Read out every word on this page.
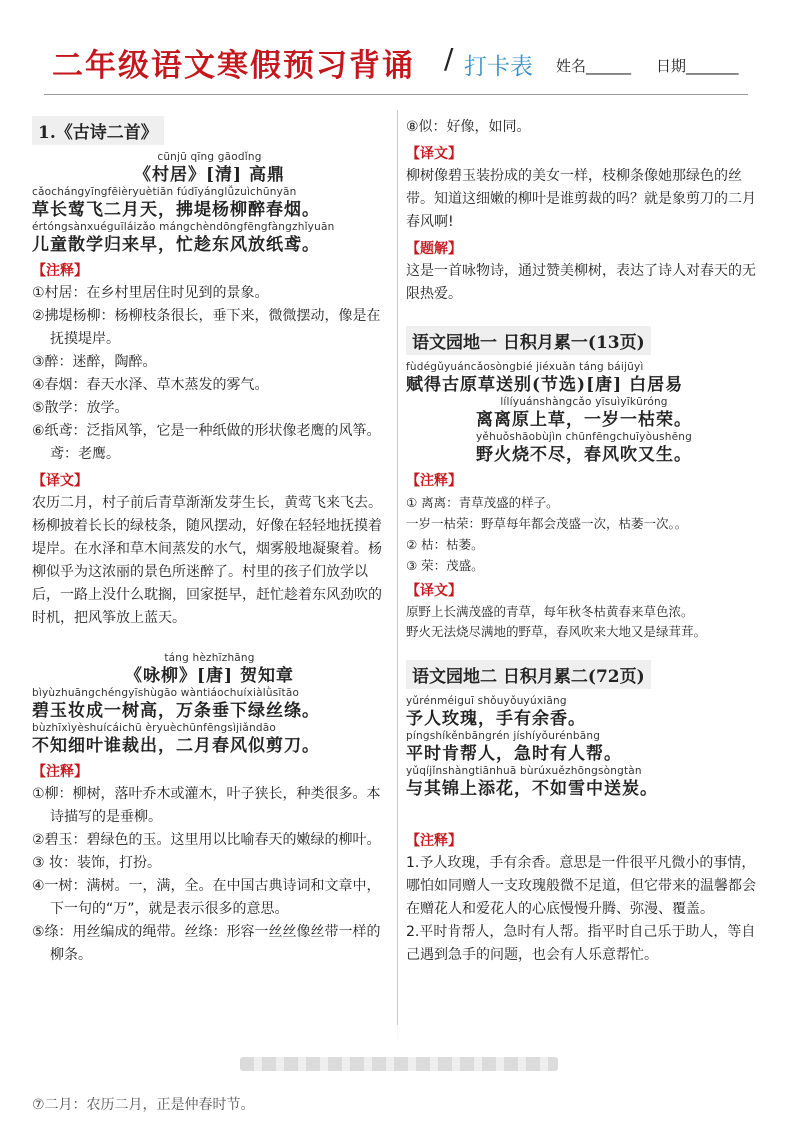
二年级语文寒假预习背诵 / 打卡表 姓名______ 日期_______
1.《古诗二首》
cūnjū qīng gāodǐng
《村居》[清] 高鼎
cǎochángyīngfēièryuètiān fúdīyánglǚzuìchūnyān
草长莺飞二月天，拂堤杨柳醉春烟。
értóngsànxuéguīláizǎo mángchèndōngfēngfàngzhǐyuān
儿童散学归来早，忙趁东风放纸鸢。
【注释】
①村居：在乡村里居住时见到的景象。
②拂堤杨柳：杨柳枝条很长，垂下来，微微摆动，像是在抚摸堤岸。
③醉：迷醉，陶醉。
④春烟：春天水泽、草木蒸发的雾气。
⑤散学：放学。
⑥纸鸢：泛指风筝，它是一种纸做的形状像老鹰的风筝。鸢：老鹰。
【译文】
农历二月，村子前后青草渐渐发芽生长，黄莺飞来飞去。杨柳披着长长的绿枝条，随风摆动，好像在轻轻地抚摸着堤岸。在水泽和草木间蒸发的水气，烟雾般地凝聚着。杨柳似乎为这浓丽的景色所迷醉了。村里的孩子们放学以后，一路上没什么耽搁，回家挺早，赶忙趁着东风劲吹的时机，把风筝放上蓝天。
táng hèzhīzhāng
《咏柳》[唐] 贺知章
bìyùzhuāngchéngyīshùgāo wàntiáochuíxiàlǜsītāo
碧玉妆成一树高，万条垂下绿丝绦。
bùzhīxìyèshuícáichū èryuèchūnfēngsìjiǎndāo
不知细叶谁裁出，二月春风似剪刀。
【注释】
①柳：柳树，落叶乔木或灌木，叶子狭长，种类很多。本诗描写的是垂柳。
②碧玉：碧绿色的玉。这里用以比喻春天的嫩绿的柳叶。
③ 妆：装饰，打扮。
④一树：满树。一，满，全。在中国古典诗词和文章中，下一句的“万”，就是表示很多的意思。
⑤绦：用丝编成的绳带。丝绦：形容一丝丝像丝带一样的柳条。
⑧似：好像，如同。
【译文】
柳树像碧玉装扮成的美女一样，枝柳条像她那绿色的丝带。知道这细嫩的柳叶是谁剪裁的吗？就是象剪刀的二月春风啊!
【题解】
这是一首咏物诗，通过赞美柳树，表达了诗人对春天的无限热爱。
语文园地一 日积月累一(13页)
fùdégǔyuáncǎosòngbié jiéxuǎn táng báijūyì
赋得古原草送别(节选)[唐] 白居易
lílíyuánshàngcǎo yīsuìyīkūróng
离离原上草，一岁一枯荣。
yěhuǒshāobùjìn chūnfēngchuīyòushēng
野火烧不尽，春风吹又生。
【注释】
① 离离：青草茂盛的样子。
一岁一枯荣：野草每年都会茂盛一次，枯萎一次。。
② 枯：枯萎。
③ 荣：茂盛。
【译文】
原野上长满茂盛的青草，每年秋冬枯黄春来草色浓。
野火无法烧尽满地的野草，春风吹来大地又是绿茸茸。
语文园地二 日积月累二(72页)
yǔrénméiguī shǒuyǒuyúxiāng
予人玫瑰，手有余香。
píngshíkěnbāngrén jíshíyǒurénbāng
平时肯帮人，急时有人帮。
yǔqíjǐnshàngtiānhuā bùrúxuězhōngsòngtàn
与其锦上添花，不如雪中送炭。
【注释】
1.予人玫瑰，手有余香。意思是一件很平凡微小的事情，哪怕如同赠人一支玫瑰般微不足道，但它带来的温馨都会在赠花人和爱花人的心底慢慢升腾、弥漫、覆盖。
2.平时肯帮人，急时有人帮。指平时自己乐于助人，等自己遇到急手的问题，也会有人乐意帮忙。
⑦二月：农历二月，正是仲春时节。
